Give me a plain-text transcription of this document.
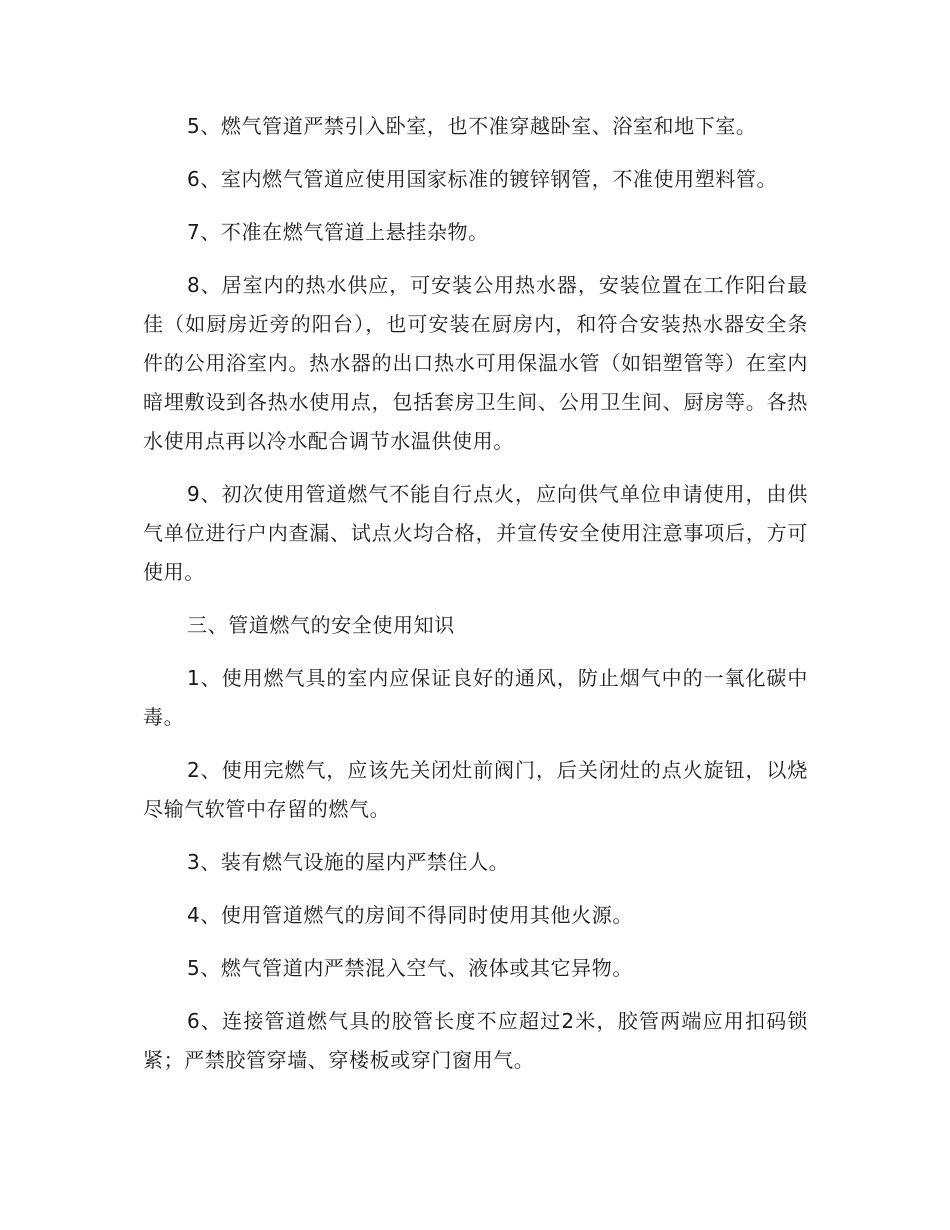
5、燃气管道严禁引入卧室，也不准穿越卧室、浴室和地下室。

6、室内燃气管道应使用国家标准的镀锌钢管，不准使用塑料管。

7、不准在燃气管道上悬挂杂物。

8、居室内的热水供应，可安装公用热水器，安装位置在工作阳台最佳（如厨房近旁的阳台），也可安装在厨房内，和符合安装热水器安全条件的公用浴室内。热水器的出口热水可用保温水管（如铝塑管等）在室内暗埋敷设到各热水使用点，包括套房卫生间、公用卫生间、厨房等。各热水使用点再以冷水配合调节水温供使用。

9、初次使用管道燃气不能自行点火，应向供气单位申请使用，由供气单位进行户内查漏、试点火均合格，并宣传安全使用注意事项后，方可使用。

三、管道燃气的安全使用知识

1、使用燃气具的室内应保证良好的通风，防止烟气中的一氧化碳中毒。

2、使用完燃气，应该先关闭灶前阀门，后关闭灶的点火旋钮，以烧尽输气软管中存留的燃气。

3、装有燃气设施的屋内严禁住人。

4、使用管道燃气的房间不得同时使用其他火源。

5、燃气管道内严禁混入空气、液体或其它异物。

6、连接管道燃气具的胶管长度不应超过2米，胶管两端应用扣码锁紧；严禁胶管穿墙、穿楼板或穿门窗用气。
